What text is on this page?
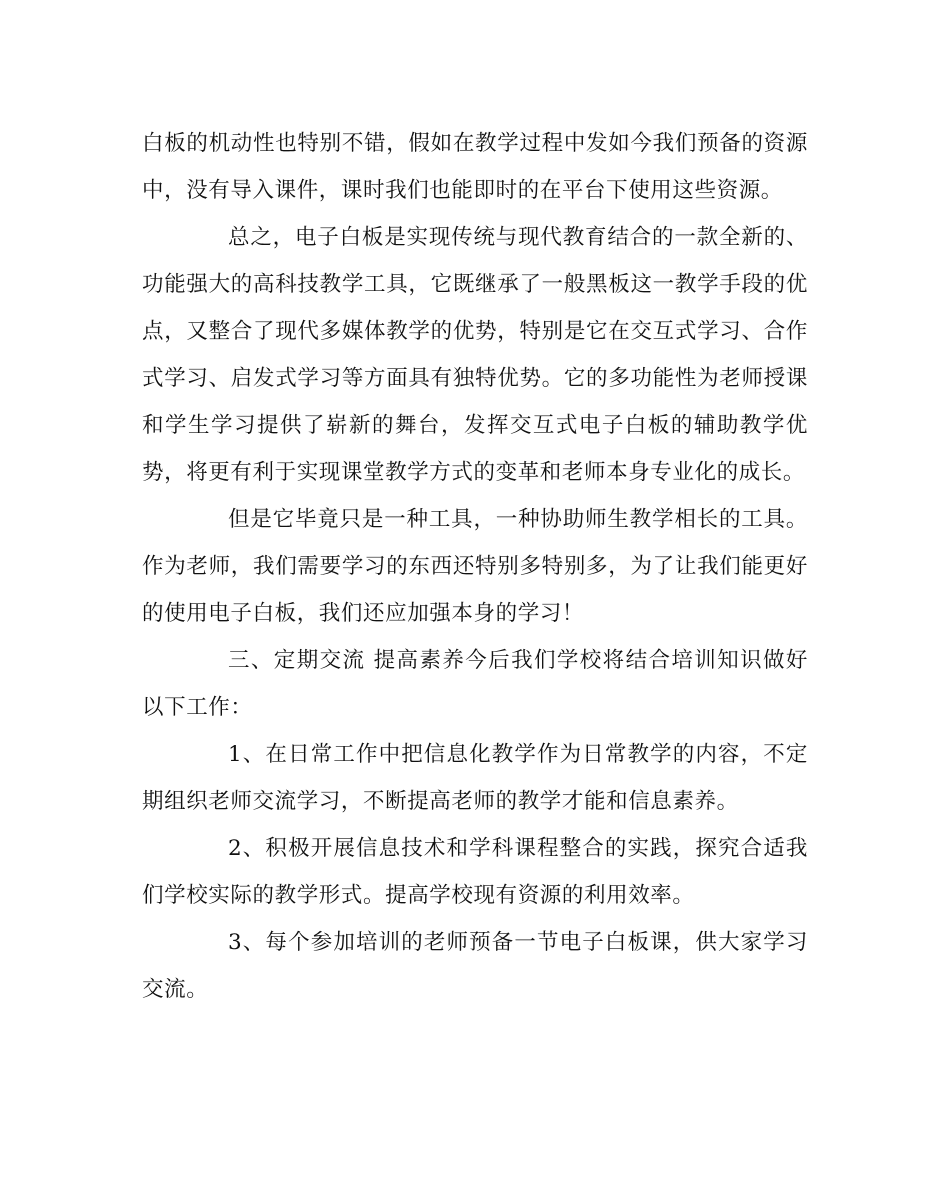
白板的机动性也特别不错，假如在教学过程中发如今我们预备的资源中，没有导入课件，课时我们也能即时的在平台下使用这些资源。

总之，电子白板是实现传统与现代教育结合的一款全新的、功能强大的高科技教学工具，它既继承了一般黑板这一教学手段的优点，又整合了现代多媒体教学的优势，特别是它在交互式学习、合作式学习、启发式学习等方面具有独特优势。它的多功能性为老师授课和学生学习提供了崭新的舞台，发挥交互式电子白板的辅助教学优势，将更有利于实现课堂教学方式的变革和老师本身专业化的成长。

但是它毕竟只是一种工具，一种协助师生教学相长的工具。作为老师，我们需要学习的东西还特别多特别多，为了让我们能更好的使用电子白板，我们还应加强本身的学习！

三、定期交流 提高素养今后我们学校将结合培训知识做好以下工作：

1、在日常工作中把信息化教学作为日常教学的内容，不定期组织老师交流学习，不断提高老师的教学才能和信息素养。

2、积极开展信息技术和学科课程整合的实践，探究合适我们学校实际的教学形式。提高学校现有资源的利用效率。

3、每个参加培训的老师预备一节电子白板课，供大家学习交流。
